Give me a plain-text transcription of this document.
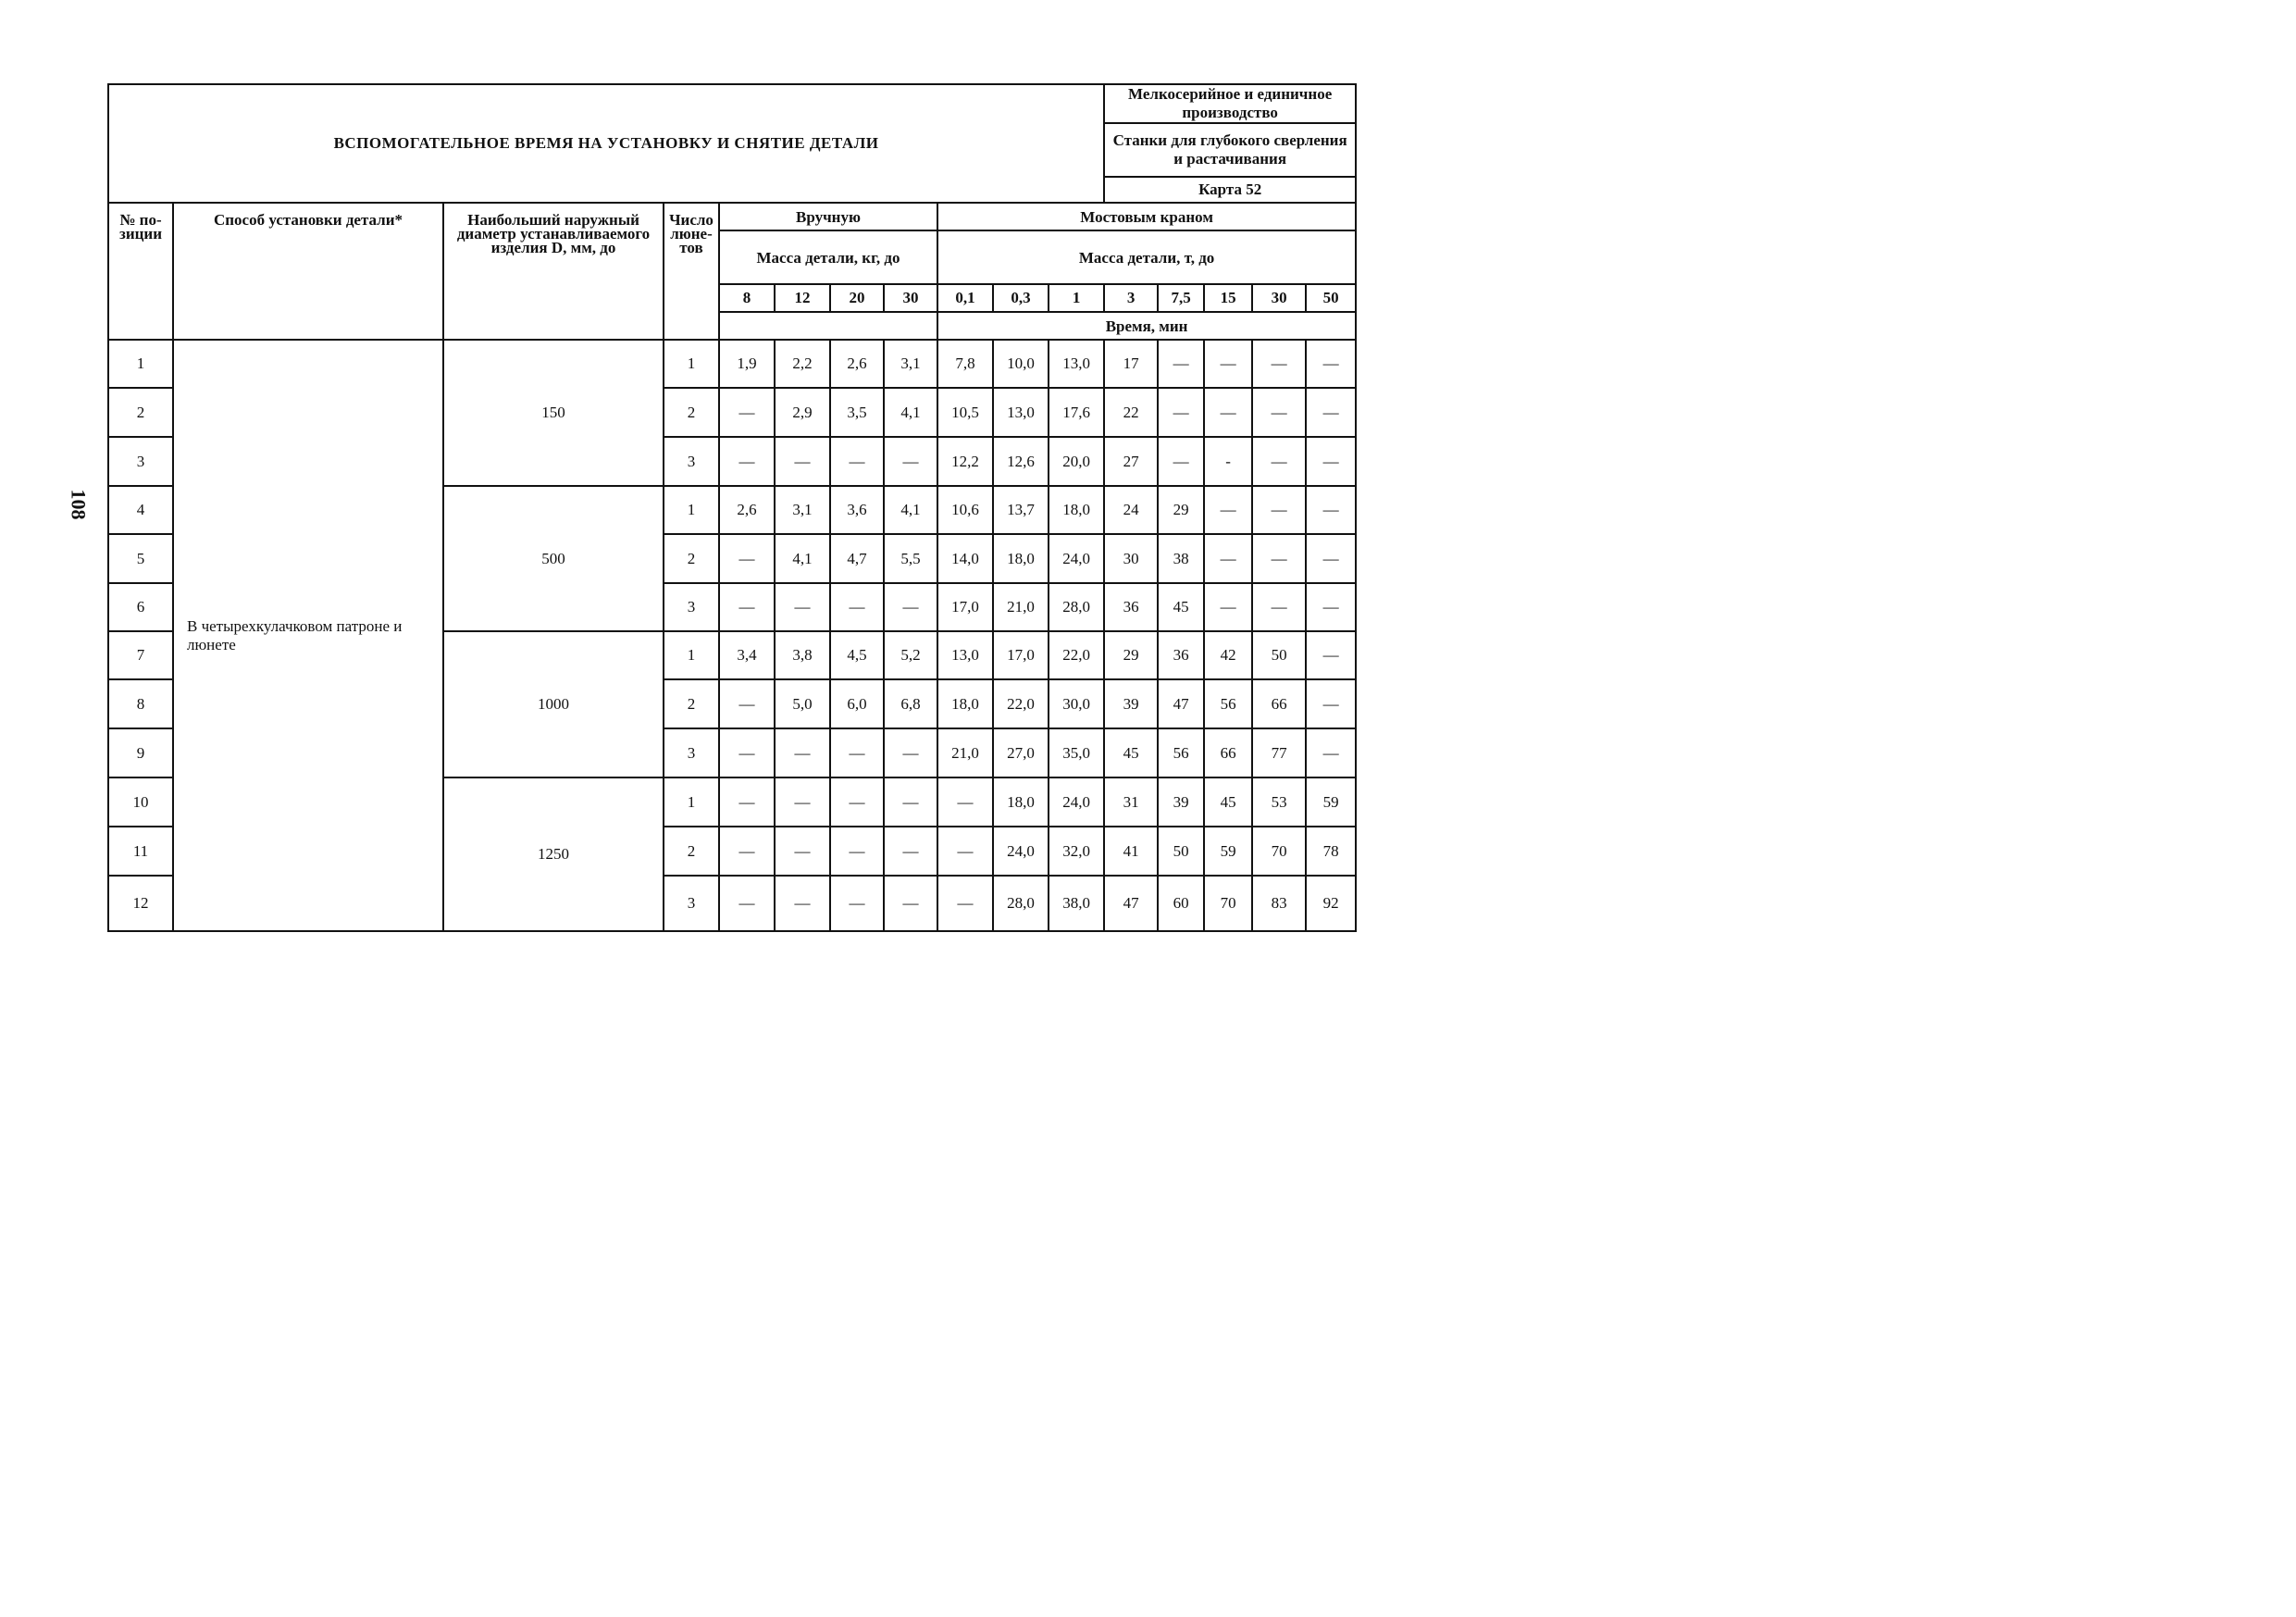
108
ВСПОМОГАТЕЛЬНОЕ ВРЕМЯ НА УСТАНОВКУ И СНЯТИЕ ДЕТАЛИ											Мелкосерийное и единичное производство				
											Станки для глубокого сверления и растачивания				
											Карта 52				
№ по-зиции	Способ установки детали*	Наибольший наружный диаметр устанавливаемого изделия D, мм, до	Число люне-тов	Вручную				Мостовым краном							
				Масса детали, кг, до				Масса детали, т, до							
				8	12	20	30	0,1	0,3	1	3	7,5	15	30	50
								Время, мин							

1	В четырехкулачковом патроне и люнете	150	1	1,9	2,2	2,6	3,1	7,8	10,0	13,0	17	—	—	—	—
2			2	—	2,9	3,5	4,1	10,5	13,0	17,6	22	—	—	—	—
3			3	—	—	—	—	12,2	12,6	20,0	27	—	-	—	—
4		500	1	2,6	3,1	3,6	4,1	10,6	13,7	18,0	24	29	—	—	—
5			2	—	4,1	4,7	5,5	14,0	18,0	24,0	30	38	—	—	—
6			3	—	—	—	—	17,0	21,0	28,0	36	45	—	—	—
7		1000	1	3,4	3,8	4,5	5,2	13,0	17,0	22,0	29	36	42	50	—
8			2	—	5,0	6,0	6,8	18,0	22,0	30,0	39	47	56	66	—
9			3	—	—	—	—	21,0	27,0	35,0	45	56	66	77	—
10		1250	1	—	—	—	—	—	18,0	24,0	31	39	45	53	59
11			2	—	—	—	—	—	24,0	32,0	41	50	59	70	78
12			3	—	—	—	—	—	28,0	38,0	47	60	70	83	92
